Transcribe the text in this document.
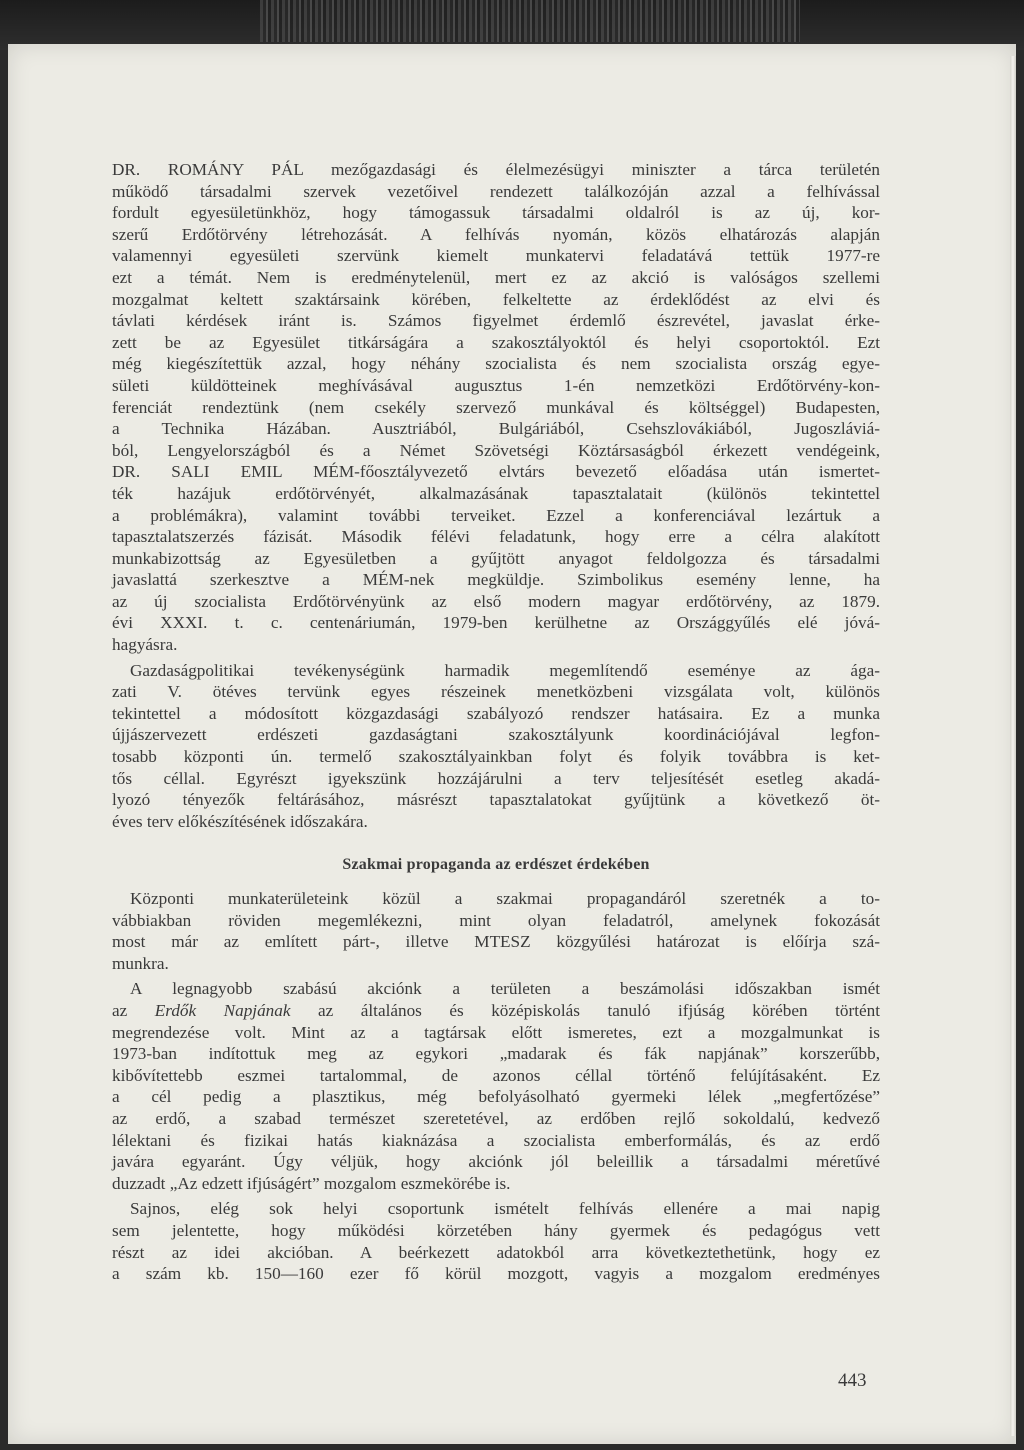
DR. ROMÁNY PÁL mezőgazdasági és élelmezésügyi miniszter a tárca területén
működő társadalmi szervek vezetőivel rendezett találkozóján azzal a felhívással
fordult egyesületünkhöz, hogy támogassuk társadalmi oldalról is az új, kor-
szerű Erdőtörvény létrehozását. A felhívás nyomán, közös elhatározás alapján
valamennyi egyesületi szervünk kiemelt munkatervi feladatává tettük 1977-re
ezt a témát. Nem is eredménytelenül, mert ez az akció is valóságos szellemi
mozgalmat keltett szaktársaink körében, felkeltette az érdeklődést az elvi és
távlati kérdések iránt is. Számos figyelmet érdemlő észrevétel, javaslat érke-
zett be az Egyesület titkárságára a szakosztályoktól és helyi csoportoktól. Ezt
még kiegészítettük azzal, hogy néhány szocialista és nem szocialista ország egye-
sületi küldötteinek meghívásával augusztus 1-én nemzetközi Erdőtörvény-kon-
ferenciát rendeztünk (nem csekély szervező munkával és költséggel) Budapesten,
a Technika Házában. Ausztriából, Bulgáriából, Csehszlovákiából, Jugoszláviá-
ból, Lengyelországból és a Német Szövetségi Köztársaságból érkezett vendégeink,
DR. SALI EMIL MÉM-főosztályvezető elvtárs bevezető előadása után ismertet-
ték hazájuk erdőtörvényét, alkalmazásának tapasztalatait (különös tekintettel
a problémákra), valamint további terveiket. Ezzel a konferenciával lezártuk a
tapasztalatszerzés fázisát. Második félévi feladatunk, hogy erre a célra alakított
munkabizottság az Egyesületben a gyűjtött anyagot feldolgozza és társadalmi
javaslattá szerkesztve a MÉM-nek megküldje. Szimbolikus esemény lenne, ha
az új szocialista Erdőtörvényünk az első modern magyar erdőtörvény, az 1879.
évi XXXI. t. c. centenáriumán, 1979-ben kerülhetne az Országgyűlés elé jóvá-
hagyásra.
Gazdaságpolitikai tevékenységünk harmadik megemlítendő eseménye az ága-
zati V. ötéves tervünk egyes részeinek menetközbeni vizsgálata volt, különös
tekintettel a módosított közgazdasági szabályozó rendszer hatásaira. Ez a munka
újjászervezett erdészeti gazdaságtani szakosztályunk koordinációjával legfon-
tosabb központi ún. termelő szakosztályainkban folyt és folyik továbbra is ket-
tős céllal. Egyrészt igyekszünk hozzájárulni a terv teljesítését esetleg akadá-
lyozó tényezők feltárásához, másrészt tapasztalatokat gyűjtünk a következő öt-
éves terv előkészítésének időszakára.
Szakmai propaganda az erdészet érdekében
Központi munkaterületeink közül a szakmai propagandáról szeretnék a to-
vábbiakban röviden megemlékezni, mint olyan feladatról, amelynek fokozását
most már az említett párt-, illetve MTESZ közgyűlési határozat is előírja szá-
munkra.
A legnagyobb szabású akciónk a területen a beszámolási időszakban ismét
az Erdők Napjának az általános és középiskolás tanuló ifjúság körében történt
megrendezése volt. Mint az a tagtársak előtt ismeretes, ezt a mozgalmunkat is
1973-ban indítottuk meg az egykori „madarak és fák napjának” korszerűbb,
kibővítettebb eszmei tartalommal, de azonos céllal történő felújításaként. Ez
a cél pedig a plasztikus, még befolyásolható gyermeki lélek „megfertőzése”
az erdő, a szabad természet szeretetével, az erdőben rejlő sokoldalú, kedvező
lélektani és fizikai hatás kiaknázása a szocialista emberformálás, és az erdő
javára egyaránt. Úgy véljük, hogy akciónk jól beleillik a társadalmi méretűvé
duzzadt „Az edzett ifjúságért” mozgalom eszmekörébe is.
Sajnos, elég sok helyi csoportunk ismételt felhívás ellenére a mai napig
sem jelentette, hogy működési körzetében hány gyermek és pedagógus vett
részt az idei akcióban. A beérkezett adatokból arra következtethetünk, hogy ez
a szám kb. 150—160 ezer fő körül mozgott, vagyis a mozgalom eredményes
443
